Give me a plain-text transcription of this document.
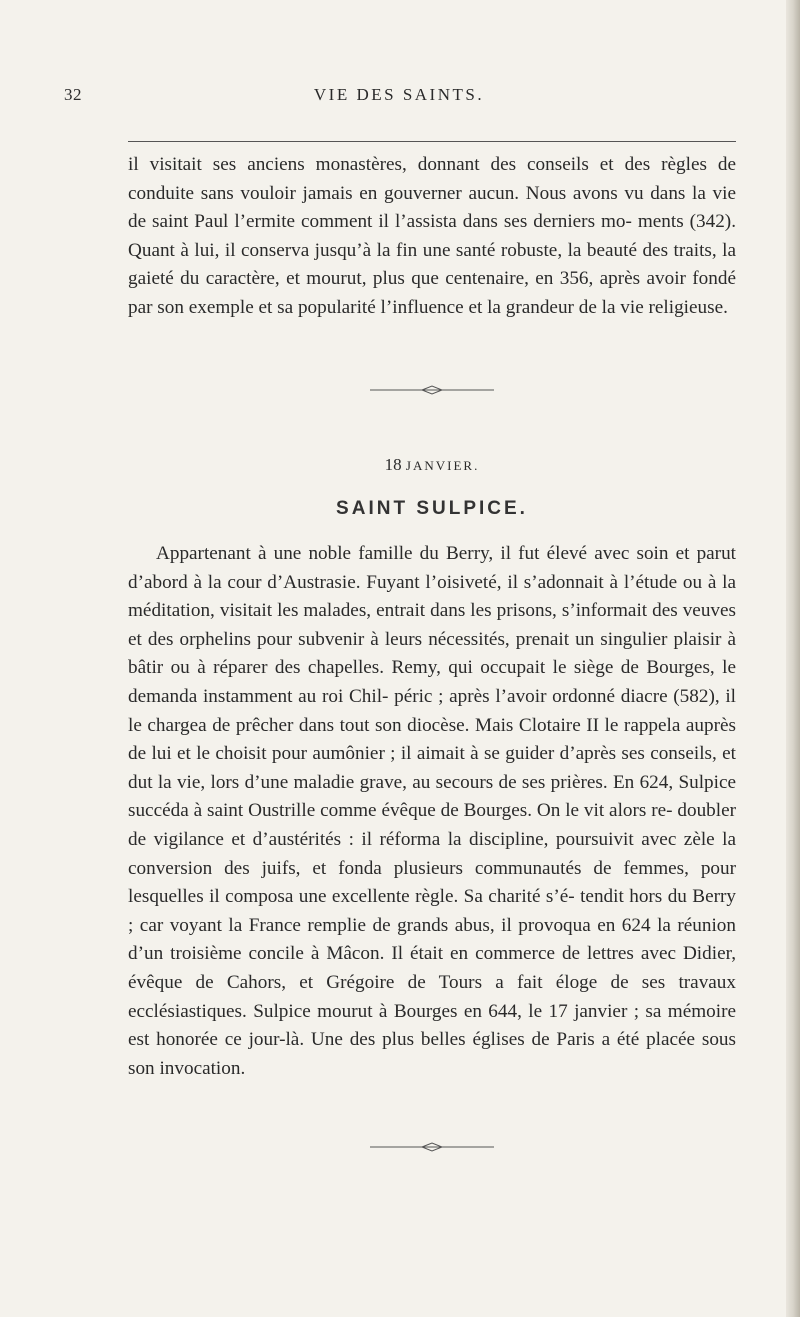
32	VIE DES SAINTS.
il visitait ses anciens monastères, donnant des conseils et des règles de conduite sans vouloir jamais en gouverner aucun. Nous avons vu dans la vie de saint Paul l’ermite comment il l’assista dans ses derniers mo- ments (342). Quant à lui, il conserva jusqu’à la fin une santé robuste, la beauté des traits, la gaieté du caractère, et mourut, plus que centenaire, en 356, après avoir fondé par son exemple et sa popularité l’influence et la grandeur de la vie religieuse.
18 JANVIER.
SAINT SULPICE.
Appartenant à une noble famille du Berry, il fut élevé avec soin et parut d’abord à la cour d’Austrasie. Fuyant l’oisiveté, il s’adonnait à l’étude ou à la méditation, visitait les malades, entrait dans les prisons, s’informait des veuves et des orphelins pour subvenir à leurs nécessités, prenait un singulier plaisir à bâtir ou à réparer des chapelles. Remy, qui occupait le siège de Bourges, le demanda instamment au roi Chil- péric ; après l’avoir ordonné diacre (582), il le chargea de prêcher dans tout son diocèse. Mais Clotaire II le rappela auprès de lui et le choisit pour aumônier ; il aimait à se guider d’après ses conseils, et dut la vie, lors d’une maladie grave, au secours de ses prières. En 624, Sulpice succéda à saint Oustrille comme évêque de Bourges. On le vit alors re- doubler de vigilance et d’austérités : il réforma la discipline, poursuivit avec zèle la conversion des juifs, et fonda plusieurs communautés de femmes, pour lesquelles il composa une excellente règle. Sa charité s’é- tendit hors du Berry ; car voyant la France remplie de grands abus, il provoqua en 624 la réunion d’un troisième concile à Mâcon. Il était en commerce de lettres avec Didier, évêque de Cahors, et Grégoire de Tours a fait éloge de ses travaux ecclésiastiques. Sulpice mourut à Bourges en 644, le 17 janvier ; sa mémoire est honorée ce jour-là. Une des plus belles églises de Paris a été placée sous son invocation.
